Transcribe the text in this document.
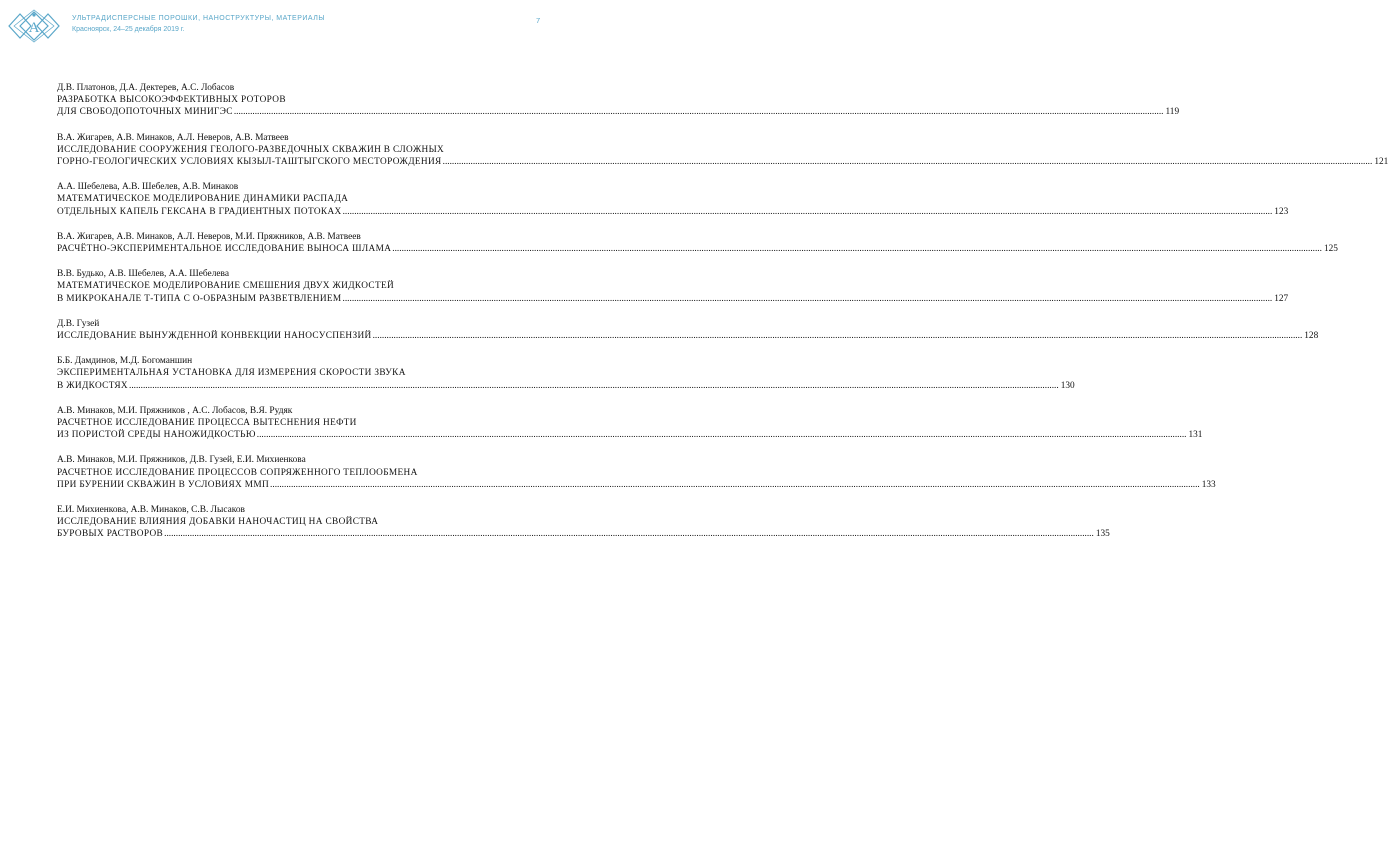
А
УЛЬТРАДИСПЕРСНЫЕ ПОРОШКИ, НАНОСТРУКТУРЫ, МАТЕРИАЛЫ
Красноярск, 24–25 декабря 2019 г.
7
Д.В. Платонов, Д.А. Дектерев, А.С. Лобасов
РАЗРАБОТКА ВЫСОКОЭФФЕКТИВНЫХ РОТОРОВ
ДЛЯ СВОБОДОПОТОЧНЫХ МИНИГЭС ................................................................................................................................................................................................................................................................................................................................................................................................................ 119
В.А. Жигарев, А.В. Минаков, А.Л. Неверов, А.В. Матвеев
ИССЛЕДОВАНИЕ СООРУЖЕНИЯ ГЕОЛОГО-РАЗВЕДОЧНЫХ СКВАЖИН В СЛОЖНЫХ
ГОРНО-ГЕОЛОГИЧЕСКИХ УСЛОВИЯХ КЫЗЫЛ-ТАШТЫГСКОГО МЕСТОРОЖДЕНИЯ ................................................................................................................................................................................................................................................................................................................................................................................................................ 121
А.А. Шебелева, А.В. Шебелев, А.В. Минаков
МАТЕМАТИЧЕСКОЕ МОДЕЛИРОВАНИЕ ДИНАМИКИ РАСПАДА
ОТДЕЛЬНЫХ КАПЕЛЬ ГЕКСАНА В ГРАДИЕНТНЫХ ПОТОКАХ ................................................................................................................................................................................................................................................................................................................................................................................................................ 123
В.А. Жигарев, А.В. Минаков, А.Л. Неверов, М.И. Пряжников, А.В. Матвеев
РАСЧЁТНО-ЭКСПЕРИМЕНТАЛЬНОЕ ИССЛЕДОВАНИЕ ВЫНОСА ШЛАМА ................................................................................................................................................................................................................................................................................................................................................................................................................ 125
В.В. Будько, А.В. Шебелев, А.А. Шебелева
МАТЕМАТИЧЕСКОЕ МОДЕЛИРОВАНИЕ СМЕШЕНИЯ ДВУХ ЖИДКОСТЕЙ
В МИКРОКАНАЛЕ Т-ТИПА С О-ОБРАЗНЫМ РАЗВЕТВЛЕНИЕМ ................................................................................................................................................................................................................................................................................................................................................................................................................ 127
Д.В. Гузей
ИССЛЕДОВАНИЕ ВЫНУЖДЕННОЙ КОНВЕКЦИИ НАНОСУСПЕНЗИЙ ................................................................................................................................................................................................................................................................................................................................................................................................................ 128
Б.Б. Дамдинов, М.Д. Богоманшин
ЭКСПЕРИМЕНТАЛЬНАЯ УСТАНОВКА ДЛЯ ИЗМЕРЕНИЯ СКОРОСТИ ЗВУКА
В ЖИДКОСТЯХ ................................................................................................................................................................................................................................................................................................................................................................................................................ 130
А.В. Минаков, М.И. Пряжников , А.С. Лобасов, В.Я. Рудяк
РАСЧЕТНОЕ ИССЛЕДОВАНИЕ ПРОЦЕССА ВЫТЕСНЕНИЯ НЕФТИ
ИЗ ПОРИСТОЙ СРЕДЫ НАНОЖИДКОСТЬЮ ................................................................................................................................................................................................................................................................................................................................................................................................................ 131
А.В. Минаков, М.И. Пряжников, Д.В. Гузей, Е.И. Михиенкова
РАСЧЕТНОЕ ИССЛЕДОВАНИЕ ПРОЦЕССОВ СОПРЯЖЕННОГО ТЕПЛООБМЕНА
ПРИ БУРЕНИИ СКВАЖИН В УСЛОВИЯХ ММП ................................................................................................................................................................................................................................................................................................................................................................................................................ 133
Е.И. Михиенкова, А.В. Минаков, С.В. Лысаков
ИССЛЕДОВАНИЕ ВЛИЯНИЯ ДОБАВКИ НАНОЧАСТИЦ НА СВОЙСТВА
БУРОВЫХ РАСТВОРОВ ................................................................................................................................................................................................................................................................................................................................................................................................................ 135
